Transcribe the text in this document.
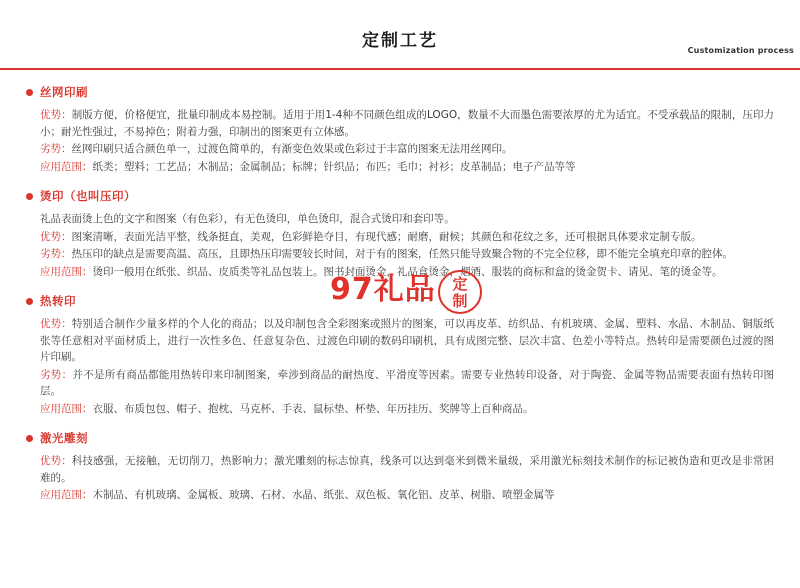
定制工艺	Customization process
丝网印刷

优势：制版方便，价格便宜，批量印制成本易控制。适用于用1-4种不同颜色组成的LOGO，数量不大而墨色需要浓厚的尤为适宜。不受承载品的限制，压印力小；耐光性强过，不易掉色；附着力强，印制出的图案更有立体感。

劣势：丝网印刷只适合颜色单一，过渡色简单的，有渐变色效果或色彩过于丰富的图案无法用丝网印。

应用范围：纸类；塑料；工艺品；木制品；金属制品；标牌；针织品；布匹；毛巾；衬衫；皮革制品；电子产品等等

烫印（也叫压印）

礼品表面烫上色的文字和图案（有色彩），有无色烫印，单色烫印，混合式烫印和套印等。

优势：图案清晰，表面光洁平整，线条挺直，美观，色彩鲜艳夺目，有现代感；耐磨，耐候；其颜色和花纹之多，还可根据具体要求定制专版。

劣势：热压印的缺点是需要高温、高压，且即热压印需要较长时间，对于有的图案，任然只能导致聚合物的不完全位移，即不能完全填充印章的腔体。

应用范围：烫印一般用在纸张、织品、皮质类等礼品包装上。图书封面烫金，礼品盒烫金，烟酒、服装的商标和盒的烫金贺卡、请见、笔的烫金等。

热转印

优势：特别适合制作少量多样的个人化的商品；以及印制包含全彩图案或照片的图案，可以再皮革、纺织品、有机玻璃、金属、塑料、水晶、木制品、铜版纸张等任意相对平面材质上，进行一次性多色、任意复杂色、过渡色印刷的数码印刷机，具有成图完整、层次丰富、色差小等特点。热转印是需要颜色过渡的图片印刷。

劣势：并不是所有商品都能用热转印来印制图案，牵涉到商品的耐热度、平滑度等因素。需要专业热转印设备，对于陶瓷、金属等物品需要表面有热转印图层。

应用范围：衣服、布质包包、帽子、抱枕、马克杯、手表、鼠标垫、杯垫、年历挂历、奖牌等上百种商品。

激光雕刻

优势：科技感强，无接触，无切削刀，热影响力；激光雕刻的标志惊真，线条可以达到毫米到微米量级，采用激光标刻技术制作的标记被伪造和更改是非常困难的。

应用范围：木制品、有机玻璃、金属板、玻璃、石材、水晶、纸张、双色板、氧化铝、皮革、树脂、喷塑金属等

97礼品	定
制
